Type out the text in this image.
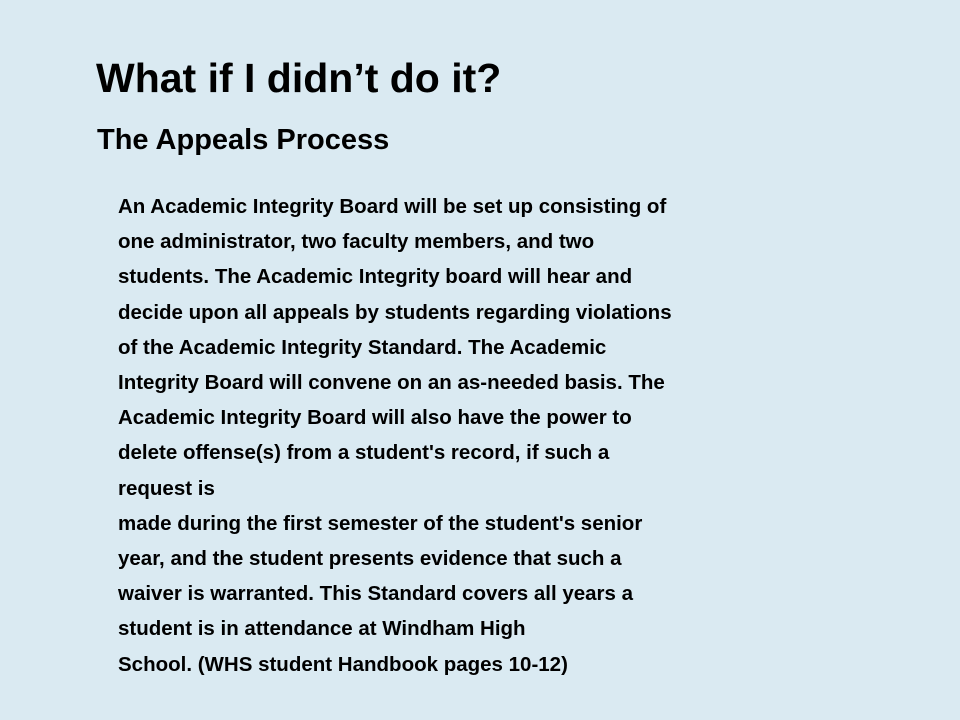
What if I didn’t do it?
The Appeals Process

An Academic Integrity Board will be set up consisting of
one administrator, two faculty members, and two
students. The Academic Integrity board will hear and
decide upon all appeals by students regarding violations
of the Academic Integrity Standard. The Academic
Integrity Board will convene on an as-needed basis. The
Academic Integrity Board will also have the power to
delete offense(s) from a student's record, if such a
request is
made during the first semester of the student's senior
year, and the student presents evidence that such a
waiver is warranted. This Standard covers all years a
student is in attendance at Windham High
School. (WHS student Handbook pages 10-12)
